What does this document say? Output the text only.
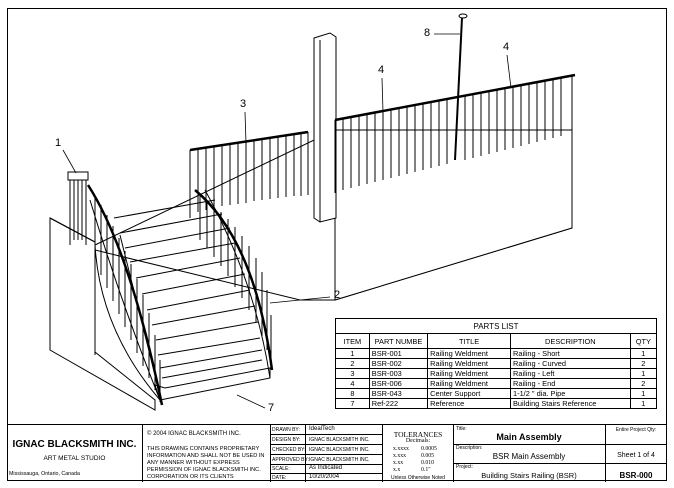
1
3
4
4
8
2
7
PARTS LIST				
ITEM	PART NUMBE	TITLE	DESCRIPTION	QTY
1	BSR-001	Railing Weldment	Railing - Short	1
2	BSR-002	Railing Weldment	Railing - Curved	2
3	BSR-003	Railing Weldment	Railing - Left	1
4	BSR-006	Railing Weldment	Railing - End	2
8	BSR-043	Center Support	1-1/2 " dia. Pipe	1
7	Ref-222	Reference	Building Stairs Reference	1
IGNAC BLACKSMITH INC.
ART METAL STUDIO
Mississauga, Ontario, Canada
© 2004 IGNAC BLACKSMITH INC.
THIS DRAWING CONTAINS PROPRIETARY INFORMATION AND SHALL NOT BE USED IN ANY MANNER WITHOUT EXPRESS PERMISSION OF IGNAC BLACKSMITH INC. CORPORATION OR ITS CLIENTS
DRAWN BY: IdealTech
DESIGN BY: IGNAC BLACKSMITH INC.
CHECKED BY: IGNAC BLACKSMITH INC.
APPROVED BY: IGNAC BLACKSMITH INC.
SCALE:	As Indicated
DATE:	10/20/2004
TOLERANCES
Decimals:
x.xxxx 0.0005
x.xxx	0.005
x.xx	0.010
x.x	0.1"
Unless Otherwise Noted
Title:
Main Assembly
Description:
BSR Main Assembly
Project:
Building Stairs Railing (BSR)
Entire Project Qty:
Sheet 1 of 4
BSR-000
